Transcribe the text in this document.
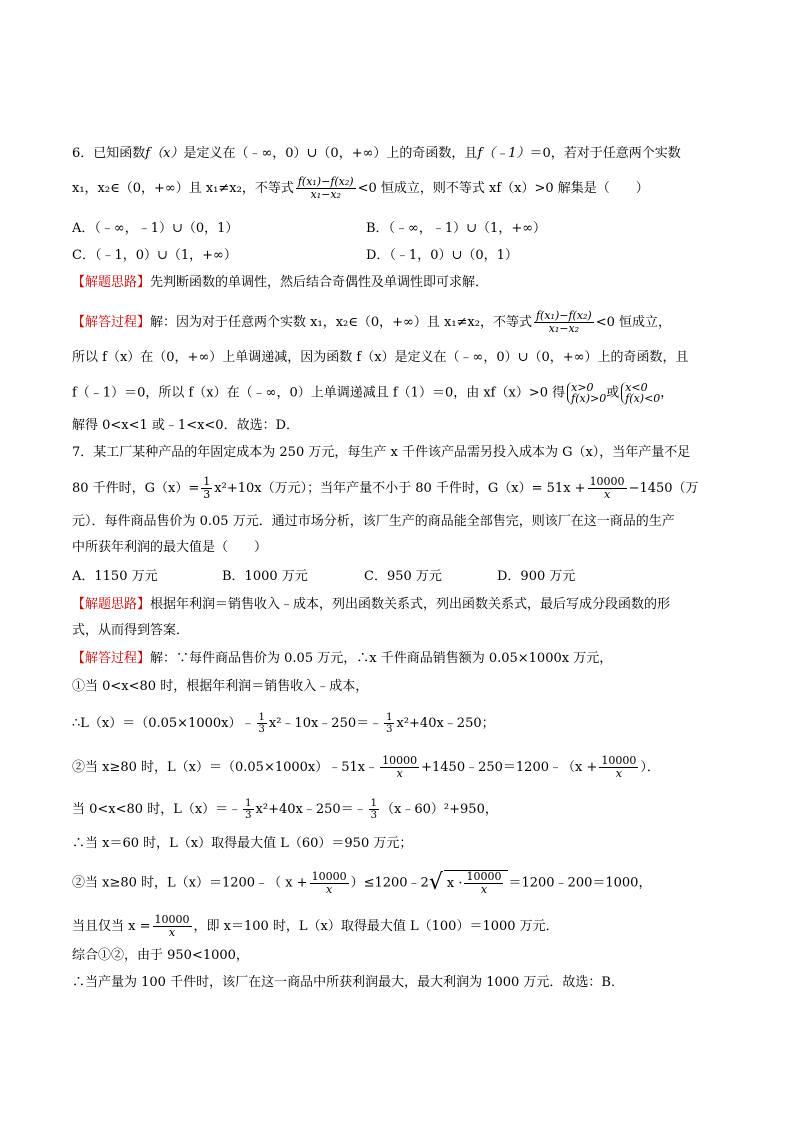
6．已知函数f（x）是定义在（﹣∞，0）∪（0，+∞）上的奇函数，且f（﹣1）＝0，若对于任意两个实数
x₁，x₂∈（0，+∞）且 x₁≠x₂，不等式 $\frac{\text{f(x₁)−f(x₂)}}{\text{x₁−x₂}} <0$ 恒成立，则不等式 xf（x）>0 解集是（　　）
A．（﹣∞，﹣1）∪（0，1）	B．（﹣∞，﹣1）∪（1，+∞）
C．（﹣1，0）∪（1，+∞）	D．（﹣1，0）∪（0，1）
【解题思路】先判断函数的单调性，然后结合奇偶性及单调性即可求解．
【解答过程】解：因为对于任意两个实数 x₁，x₂∈（0，+∞）且 x₁≠x₂，不等式 $\frac{\text{f(x₁)−f(x₂)}}{\text{x₁−x₂}} <0$ 恒成立，
所以 f（x）在（0，+∞）上单调递减，因为函数 f（x）是定义在（﹣∞，0）∪（0，+∞）上的奇函数，且
f（﹣1）＝0，所以 f（x）在（﹣∞，0）上单调递减且 f（1）＝0，由 xf（x）>0 得 x>0
f(x)>0或 x<0
f(x)<0，
解得 0<x<1 或﹣1<x<0．故选：D．
7．某工厂某种产品的年固定成本为 250 万元，每生产 x 千件该产品需另投入成本为 G（x），当年产量不足
80 千件时，$G(x)= \frac{1}{3} x^2+10x$（万元）；当年产量不小于 80 千件时，$G(x)= 51x + \frac{10000}{x} -1450$（万
元）．每件商品售价为 0.05 万元．通过市场分析，该厂生产的商品能全部售完，则该厂在这一商品的生产
中所获年利润的最大值是（　　）
A．1150 万元	B．1000 万元	C．950 万元	D．900 万元
【解题思路】根据年利润＝销售收入﹣成本，列出函数关系式，列出函数关系式，最后写成分段函数的形
式，从而得到答案．
【解答过程】解：∵每件商品售价为 0.05 万元，∴x 千件商品销售额为 0.05×1000x 万元，
①当 0<x<80 时，根据年利润＝销售收入﹣成本，
∴L（x）＝（0.05×1000x）﹣ $\frac{1}{3}$ x²﹣10x﹣250＝﹣ $\frac{1}{3}$ x²+40x﹣250；
②当 x≥80 时，L（x）＝（0.05×1000x）﹣51x﹣ $\frac{10000}{x}$ +1450﹣250＝1200﹣（x + $\frac{10000}{x}$ ）．
当 0<x<80 时，L（x）＝﹣ $\frac{1}{3}$ x²+40x﹣250＝﹣ $\frac{1}{3}$ （x﹣60）²+950，
∴当 x＝60 时，L（x）取得最大值 L（60）＝950 万元；
②当 x≥80 时，L（x）＝1200﹣（ $x + \frac{10000}{x}$ ）≤1200﹣2√ $x \cdot \frac{10000}{x}$ ＝1200﹣200＝1000，
当且仅当 $x = \frac{10000}{x}$ ，即 x＝100 时，L（x）取得最大值 L（100）＝1000 万元．
综合①②，由于 950<1000，
∴当产量为 100 千件时，该厂在这一商品中所获利润最大，最大利润为 1000 万元．故选：B．
